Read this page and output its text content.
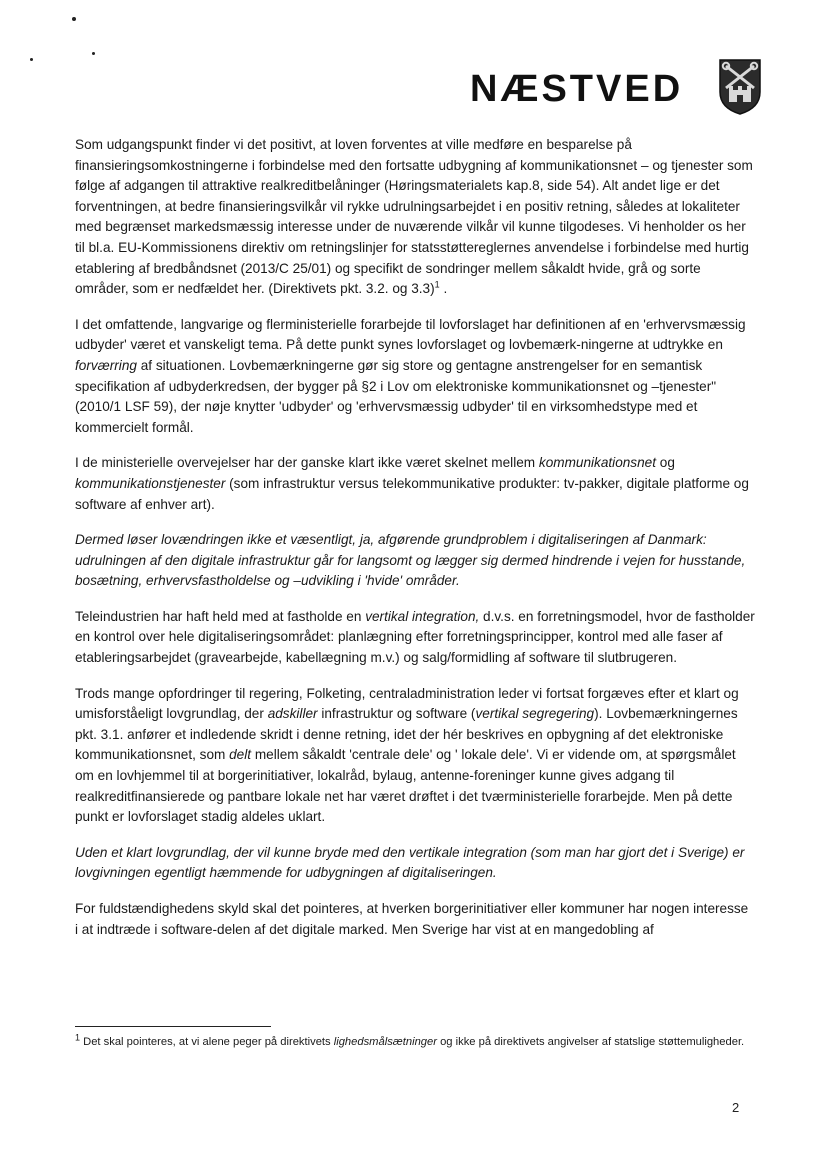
NÆSTVED

Som udgangspunkt finder vi det positivt, at loven forventes at ville medføre en besparelse på finansieringsomkostningerne i forbindelse med den fortsatte udbygning af kommunikationsnet – og tjenester som følge af adgangen til attraktive realkreditbelåninger (Høringsmaterialets kap.8, side 54). Alt andet lige er det forventningen, at bedre finansieringsvilkår vil rykke udrulningsarbejdet i en positiv retning, således at lokaliteter med begrænset markedsmæssig interesse under de nuværende vilkår vil kunne tilgodeses. Vi henholder os her til bl.a. EU-Kommissionens direktiv om retningslinjer for statsstøttereglernes anvendelse i forbindelse med hurtig etablering af bredbåndsnet (2013/C 25/01) og specifikt de sondringer mellem såkaldt hvide, grå og sorte områder, som er nedfældet her. (Direktivets pkt. 3.2. og 3.3)$^1$ .

I det omfattende, langvarige og flerministerielle forarbejde til lovforslaget har definitionen af en 'erhvervsmæssig udbyder' været et vanskeligt tema. På dette punkt synes lovforslaget og lovbemærk-ningerne at udtrykke en forværring af situationen. Lovbemærkningerne gør sig store og gentagne anstrengelser for en semantisk specifikation af udbyderkredsen, der bygger på §2 i Lov om elektroniske kommunikationsnet og –tjenester" (2010/1 LSF 59), der nøje knytter 'udbyder' og 'erhvervsmæssig udbyder' til en virksomhedstype med et kommercielt formål.

I de ministerielle overvejelser har der ganske klart ikke været skelnet mellem kommunikationsnet og kommunikationstjenester (som infrastruktur versus telekommunikative produkter: tv-pakker, digitale platforme og software af enhver art).

Dermed løser lovændringen ikke et væsentligt, ja, afgørende grundproblem i digitaliseringen af Danmark: udrulningen af den digitale infrastruktur går for langsomt og lægger sig dermed hindrende i vejen for husstande, bosætning, erhvervsfastholdelse og –udvikling i 'hvide' områder.

Teleindustrien har haft held med at fastholde en vertikal integration, d.v.s. en forretningsmodel, hvor de fastholder en kontrol over hele digitaliseringsområdet: planlægning efter forretningsprincipper, kontrol med alle faser af etableringsarbejdet (gravearbejde, kabellægning m.v.) og salg/formidling af software til slutbrugeren.

Trods mange opfordringer til regering, Folketing, centraladministration leder vi fortsat forgæves efter et klart og umisforståeligt lovgrundlag, der adskiller infrastruktur og software (vertikal segregering). Lovbemærkningernes pkt. 3.1. anfører et indledende skridt i denne retning, idet der hér beskrives en opbygning af det elektroniske kommunikationsnet, som delt mellem såkaldt 'centrale dele' og ' lokale dele'. Vi er vidende om, at spørgsmålet om en lovhjemmel til at borgerinitiativer, lokalråd, bylaug, antenne-foreninger kunne gives adgang til realkreditfinansierede og pantbare lokale net har været drøftet i det tværministerielle forarbejde. Men på dette punkt er lovforslaget stadig aldeles uklart.

Uden et klart lovgrundlag, der vil kunne bryde med den vertikale integration (som man har gjort det i Sverige) er lovgivningen egentligt hæmmende for udbygningen af digitaliseringen.

For fuldstændighedens skyld skal det pointeres, at hverken borgerinitiativer eller kommuner har nogen interesse i at indtræde i software-delen af det digitale marked. Men Sverige har vist at en mangedobling af

$^1$ Det skal pointeres, at vi alene peger på direktivets lighedsmålsætninger og ikke på direktivets angivelser af statslige støttemuligheder.
2
